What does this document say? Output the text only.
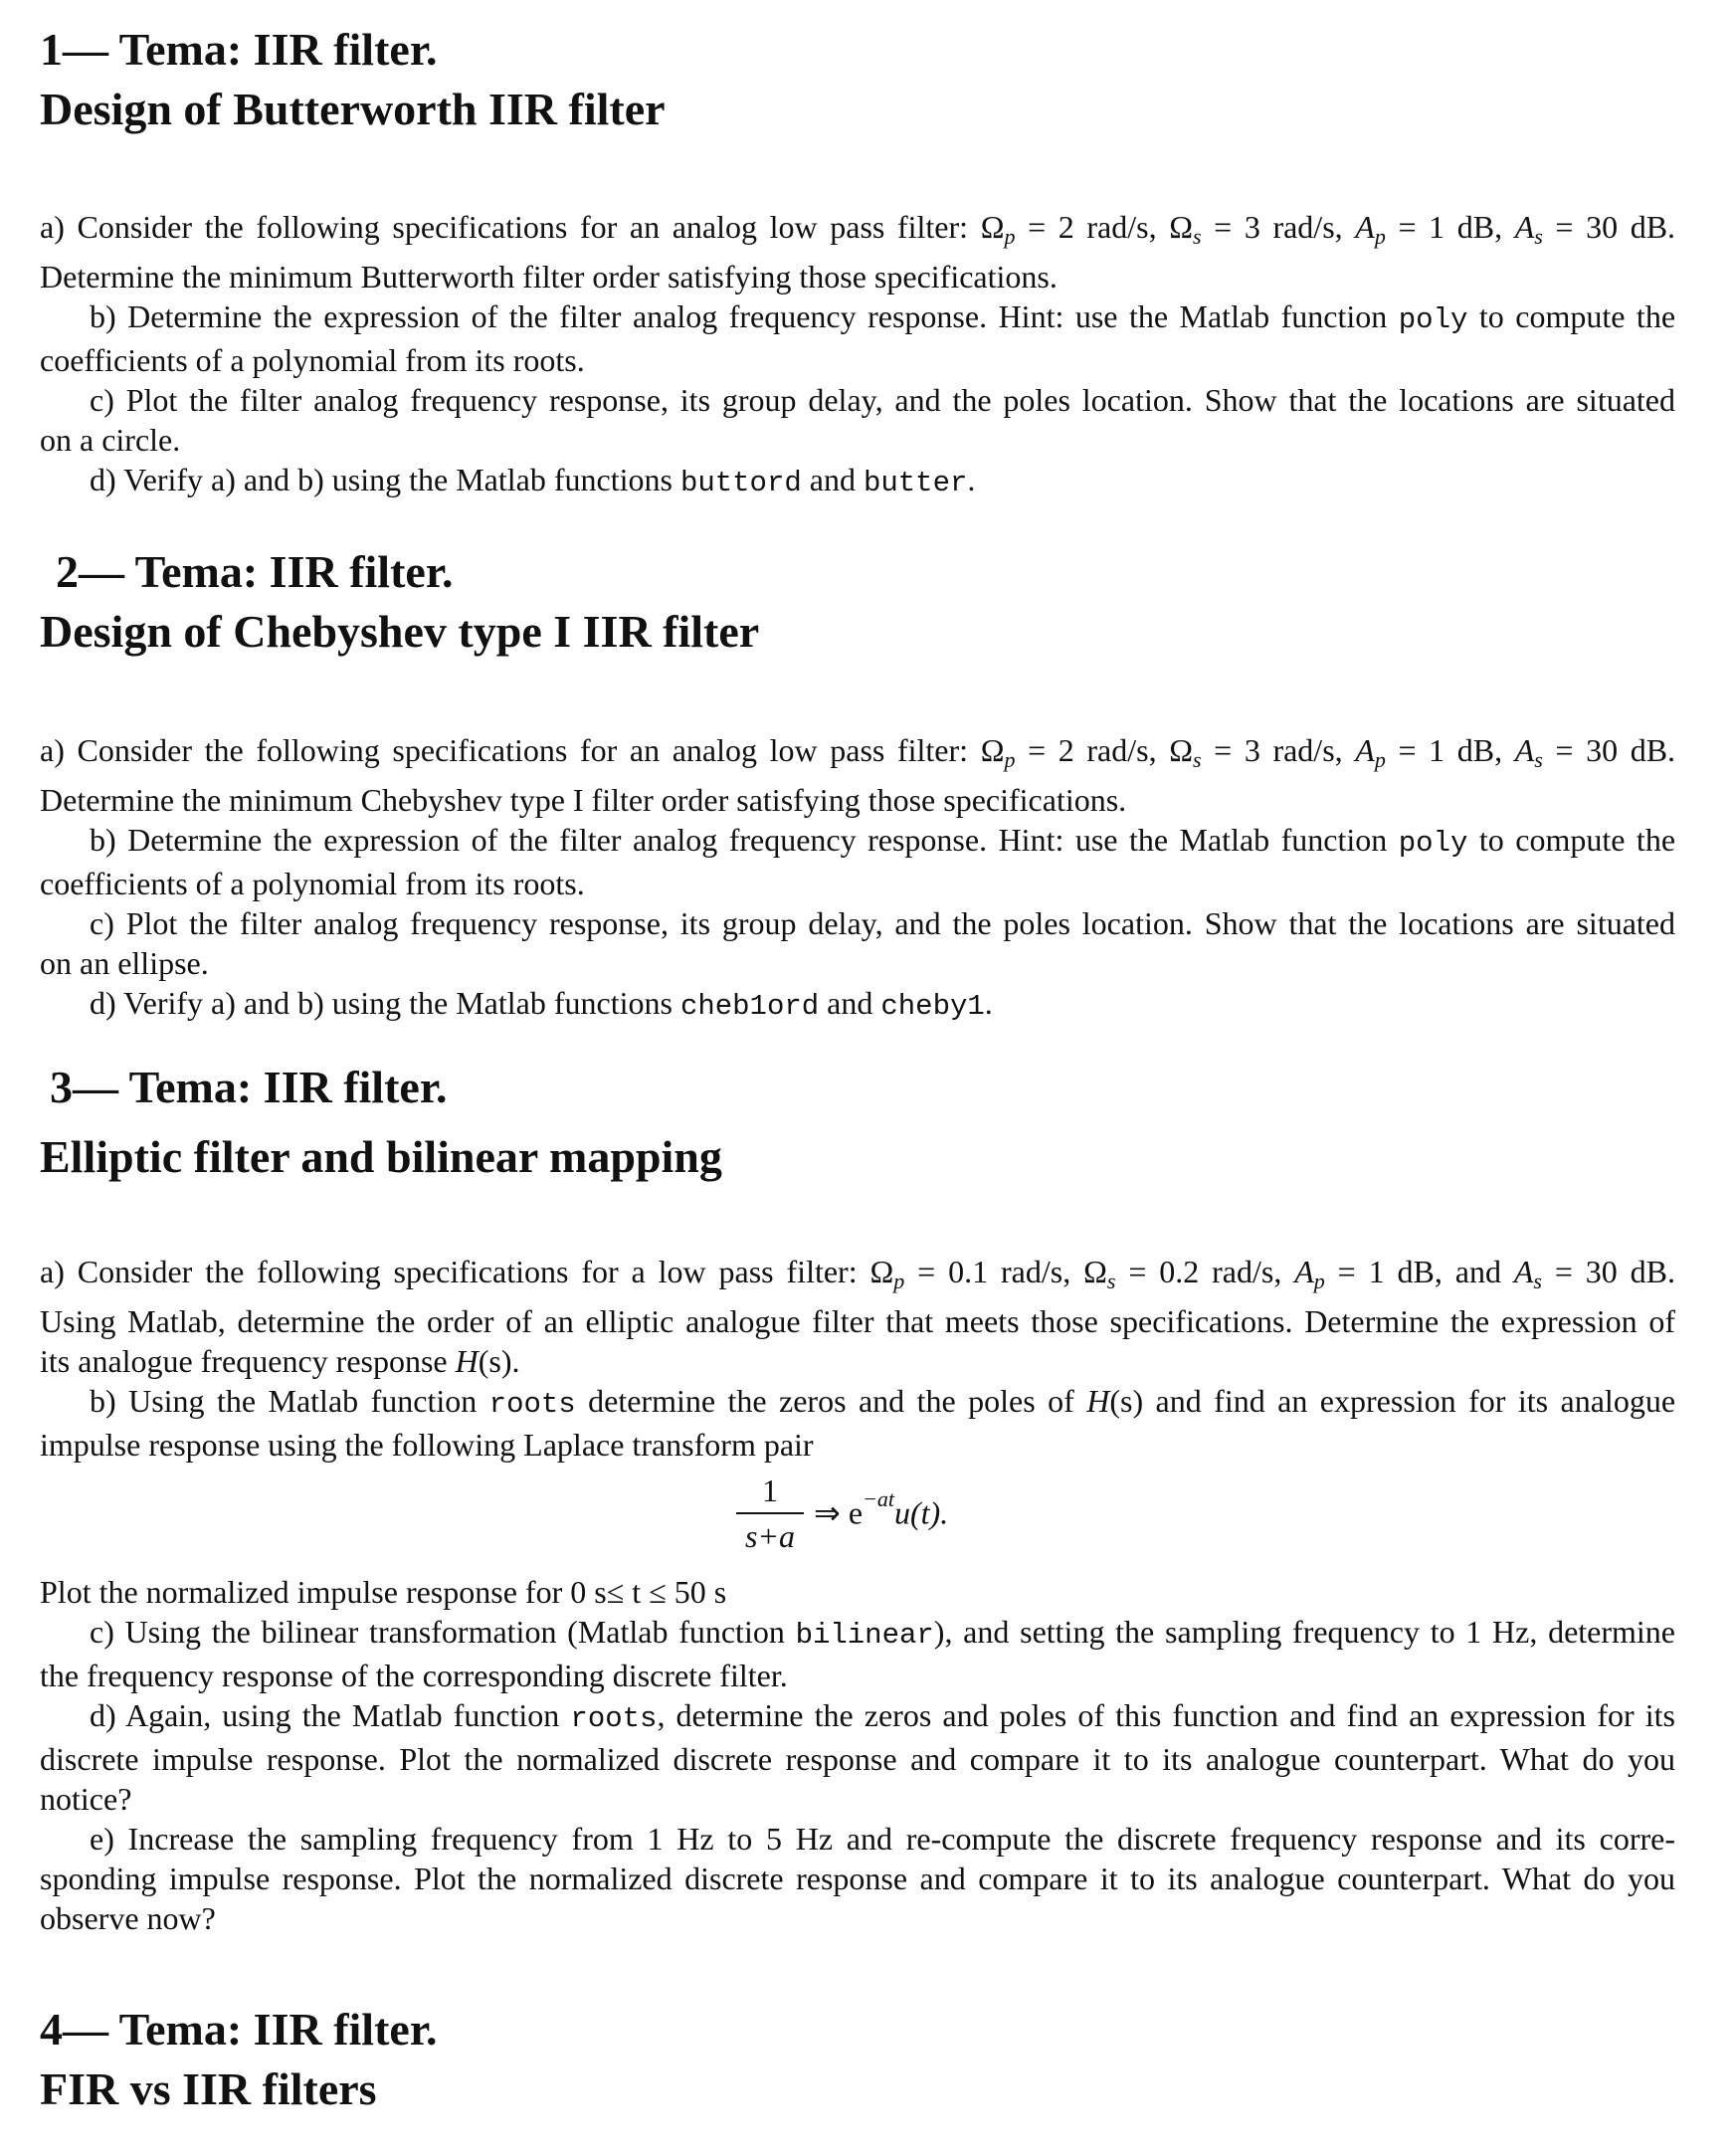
1— Tema: IIR filter.
Design of Butterworth IIR filter
a) Consider the following specifications for an analog low pass filter: $\Omega_p = 2$ rad/s, $\Omega_s = 3$ rad/s, $A_p = 1$ dB, $A_s = 30$ dB.
Determine the minimum Butterworth filter order satisfying those specifications.
b) Determine the expression of the filter analog frequency response. Hint: use the Matlab function poly to compute the
coefficients of a polynomial from its roots.
c) Plot the filter analog frequency response, its group delay, and the poles location. Show that the locations are situated
on a circle.
d) Verify a) and b) using the Matlab functions buttord and butter.
2— Tema: IIR filter.
Design of Chebyshev type I IIR filter
a) Consider the following specifications for an analog low pass filter: $\Omega_p = 2$ rad/s, $\Omega_s = 3$ rad/s, $A_p = 1$ dB, $A_s = 30$ dB.
Determine the minimum Chebyshev type I filter order satisfying those specifications.
b) Determine the expression of the filter analog frequency response. Hint: use the Matlab function poly to compute the
coefficients of a polynomial from its roots.
c) Plot the filter analog frequency response, its group delay, and the poles location. Show that the locations are situated
on an ellipse.
d) Verify a) and b) using the Matlab functions cheb1ord and cheby1.
3— Tema: IIR filter.
Elliptic filter and bilinear mapping
a) Consider the following specifications for a low pass filter: $\Omega_p = 0.1$ rad/s, $\Omega_s = 0.2$ rad/s, $A_p = 1$ dB, and $A_s = 30$ dB.
Using Matlab, determine the order of an elliptic analogue filter that meets those specifications. Determine the expression of
its analogue frequency response H(s).
b) Using the Matlab function roots determine the zeros and the poles of H(s) and find an expression for its analogue
impulse response using the following Laplace transform pair
1
s+a
⇒ $e^{-at}u(t)$.
Plot the normalized impulse response for 0 s≤ t ≤ 50 s
c) Using the bilinear transformation (Matlab function bilinear), and setting the sampling frequency to 1 Hz, determine
the frequency response of the corresponding discrete filter.
d) Again, using the Matlab function roots, determine the zeros and poles of this function and find an expression for its
discrete impulse response. Plot the normalized discrete response and compare it to its analogue counterpart. What do you
notice?
e) Increase the sampling frequency from 1 Hz to 5 Hz and re-compute the discrete frequency response and its corre-
sponding impulse response. Plot the normalized discrete response and compare it to its analogue counterpart. What do you
observe now?
4— Tema: IIR filter.
FIR vs IIR filters
